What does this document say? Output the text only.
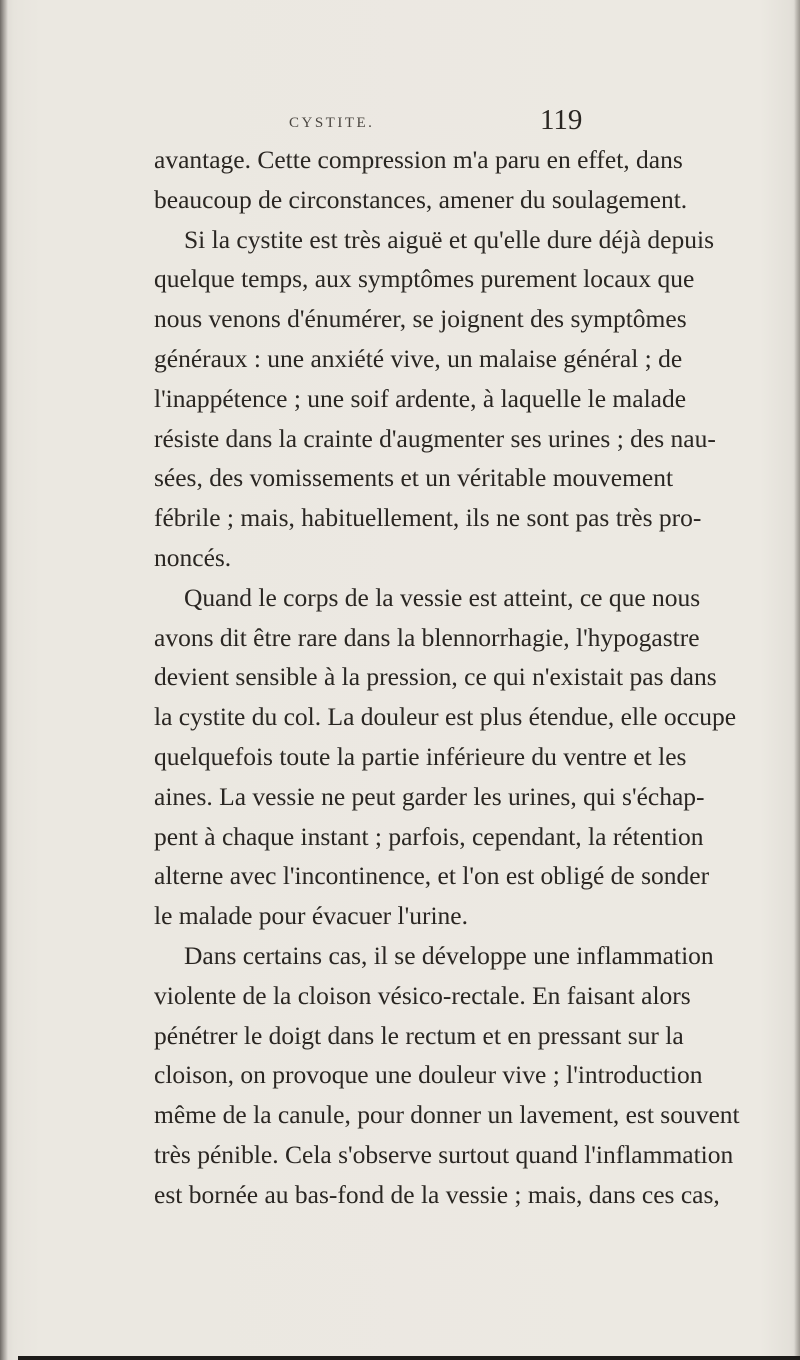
CYSTITE.	119
avantage. Cette compression m'a paru en effet, dans
beaucoup de circonstances, amener du soulagement.
Si la cystite est très aiguë et qu'elle dure déjà depuis
quelque temps, aux symptômes purement locaux que
nous venons d'énumérer, se joignent des symptômes
généraux : une anxiété vive, un malaise général ; de
l'inappétence ; une soif ardente, à laquelle le malade
résiste dans la crainte d'augmenter ses urines ; des nau-
sées, des vomissements et un véritable mouvement
fébrile ; mais, habituellement, ils ne sont pas très pro-
noncés.
Quand le corps de la vessie est atteint, ce que nous
avons dit être rare dans la blennorrhagie, l'hypogastre
devient sensible à la pression, ce qui n'existait pas dans
la cystite du col. La douleur est plus étendue, elle occupe
quelquefois toute la partie inférieure du ventre et les
aines. La vessie ne peut garder les urines, qui s'échap-
pent à chaque instant ; parfois, cependant, la rétention
alterne avec l'incontinence, et l'on est obligé de sonder
le malade pour évacuer l'urine.
Dans certains cas, il se développe une inflammation
violente de la cloison vésico-rectale. En faisant alors
pénétrer le doigt dans le rectum et en pressant sur la
cloison, on provoque une douleur vive ; l'introduction
même de la canule, pour donner un lavement, est souvent
très pénible. Cela s'observe surtout quand l'inflammation
est bornée au bas-fond de la vessie ; mais, dans ces cas,
